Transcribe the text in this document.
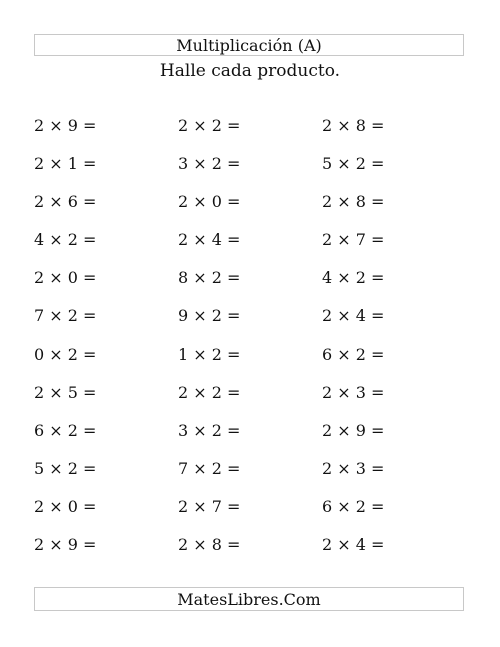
Multiplicación (A)
Halle cada producto.
2 × 9 =	2 × 2 =	2 × 8 =
2 × 1 =	3 × 2 =	5 × 2 =
2 × 6 =	2 × 0 =	2 × 8 =
4 × 2 =	2 × 4 =	2 × 7 =
2 × 0 =	8 × 2 =	4 × 2 =
7 × 2 =	9 × 2 =	2 × 4 =
0 × 2 =	1 × 2 =	6 × 2 =
2 × 5 =	2 × 2 =	2 × 3 =
6 × 2 =	3 × 2 =	2 × 9 =
5 × 2 =	7 × 2 =	2 × 3 =
2 × 0 =	2 × 7 =	6 × 2 =
2 × 9 =	2 × 8 =	2 × 4 =
MatesLibres.Com
